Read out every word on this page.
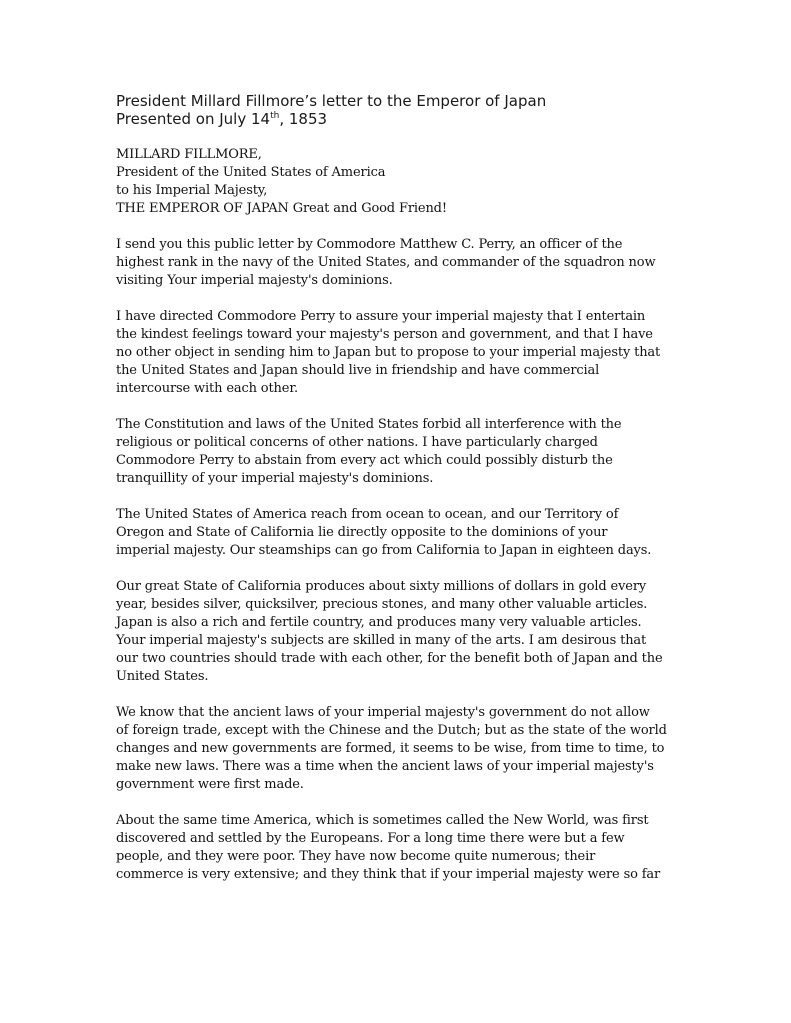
President Millard Fillmore’s letter to the Emperor of Japan

Presented on July 14th, 1853

MILLARD FILLMORE,
President of the United States of America
to his Imperial Majesty,
THE EMPEROR OF JAPAN Great and Good Friend!

I send you this public letter by Commodore Matthew C. Perry, an officer of the
highest rank in the navy of the United States, and commander of the squadron now
visiting Your imperial majesty's dominions.

I have directed Commodore Perry to assure your imperial majesty that I entertain
the kindest feelings toward your majesty's person and government, and that I have
no other object in sending him to Japan but to propose to your imperial majesty that
the United States and Japan should live in friendship and have commercial
intercourse with each other.

The Constitution and laws of the United States forbid all interference with the
religious or political concerns of other nations. I have particularly charged
Commodore Perry to abstain from every act which could possibly disturb the
tranquillity of your imperial majesty's dominions.

The United States of America reach from ocean to ocean, and our Territory of
Oregon and State of California lie directly opposite to the dominions of your
imperial majesty. Our steamships can go from California to Japan in eighteen days.

Our great State of California produces about sixty millions of dollars in gold every
year, besides silver, quicksilver, precious stones, and many other valuable articles.
Japan is also a rich and fertile country, and produces many very valuable articles.
Your imperial majesty's subjects are skilled in many of the arts. I am desirous that
our two countries should trade with each other, for the benefit both of Japan and the
United States.

We know that the ancient laws of your imperial majesty's government do not allow
of foreign trade, except with the Chinese and the Dutch; but as the state of the world
changes and new governments are formed, it seems to be wise, from time to time, to
make new laws. There was a time when the ancient laws of your imperial majesty's
government were first made.

About the same time America, which is sometimes called the New World, was first
discovered and settled by the Europeans. For a long time there were but a few
people, and they were poor. They have now become quite numerous; their
commerce is very extensive; and they think that if your imperial majesty were so far
